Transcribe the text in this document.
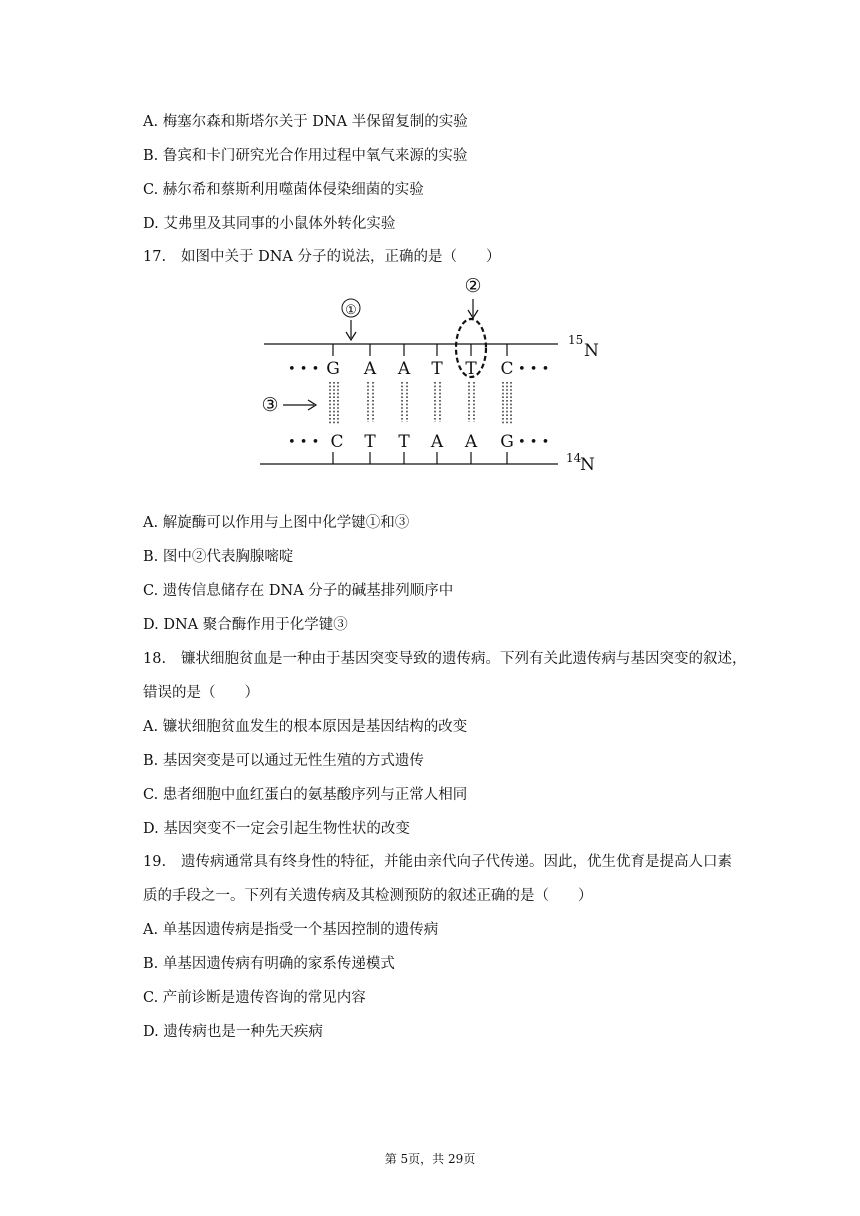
A. 梅塞尔森和斯塔尔关于 DNA 半保留复制的实验
B. 鲁宾和卡门研究光合作用过程中氧气来源的实验
C. 赫尔希和蔡斯利用噬菌体侵染细菌的实验
D. 艾弗里及其同事的小鼠体外转化实验
17. 如图中关于 DNA 分子的说法，正确的是（　　）
• • •	• • •
• • •	• • •
G A A T T C
C T T A A G
①
②
③
15
N
14
N
A. 解旋酶可以作用与上图中化学键①和③
B. 图中②代表胸腺嘧啶
C. 遗传信息储存在 DNA 分子的碱基排列顺序中
D. DNA 聚合酶作用于化学键③
18. 镰状细胞贫血是一种由于基因突变导致的遗传病。下列有关此遗传病与基因突变的叙述，
错误的是（　　）
A. 镰状细胞贫血发生的根本原因是基因结构的改变
B. 基因突变是可以通过无性生殖的方式遗传
C. 患者细胞中血红蛋白的氨基酸序列与正常人相同
D. 基因突变不一定会引起生物性状的改变
19. 遗传病通常具有终身性的特征，并能由亲代向子代传递。因此，优生优育是提高人口素
质的手段之一。下列有关遗传病及其检测预防的叙述正确的是（　　）
A. 单基因遗传病是指受一个基因控制的遗传病
B. 单基因遗传病有明确的家系传递模式
C. 产前诊断是遗传咨询的常见内容
D. 遗传病也是一种先天疾病
第 5页，共 29页
